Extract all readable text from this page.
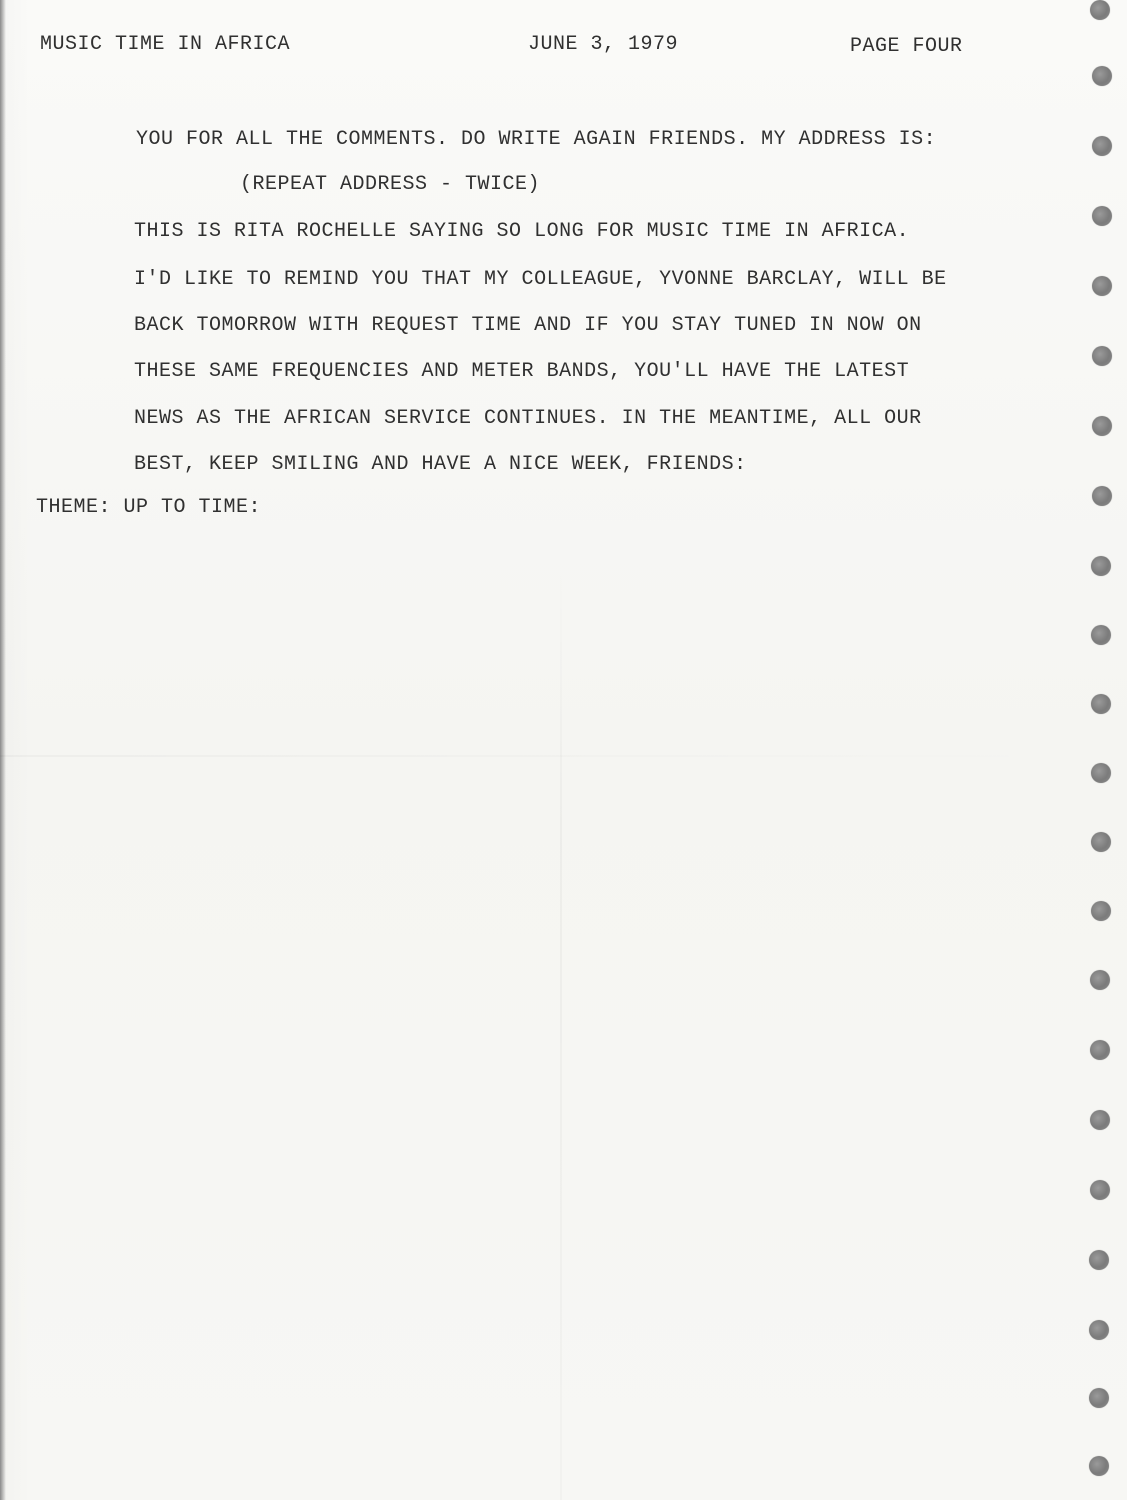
MUSIC TIME IN AFRICA	JUNE 3, 1979	PAGE FOUR
YOU FOR ALL THE COMMENTS. DO WRITE AGAIN FRIENDS. MY ADDRESS IS:
(REPEAT ADDRESS - TWICE)
THIS IS RITA ROCHELLE SAYING SO LONG FOR MUSIC TIME IN AFRICA.
I'D LIKE TO REMIND YOU THAT MY COLLEAGUE, YVONNE BARCLAY, WILL BE
BACK TOMORROW WITH REQUEST TIME AND IF YOU STAY TUNED IN NOW ON
THESE SAME FREQUENCIES AND METER BANDS, YOU'LL HAVE THE LATEST
NEWS AS THE AFRICAN SERVICE CONTINUES. IN THE MEANTIME, ALL OUR
BEST, KEEP SMILING AND HAVE A NICE WEEK, FRIENDS:
THEME: UP TO TIME:
